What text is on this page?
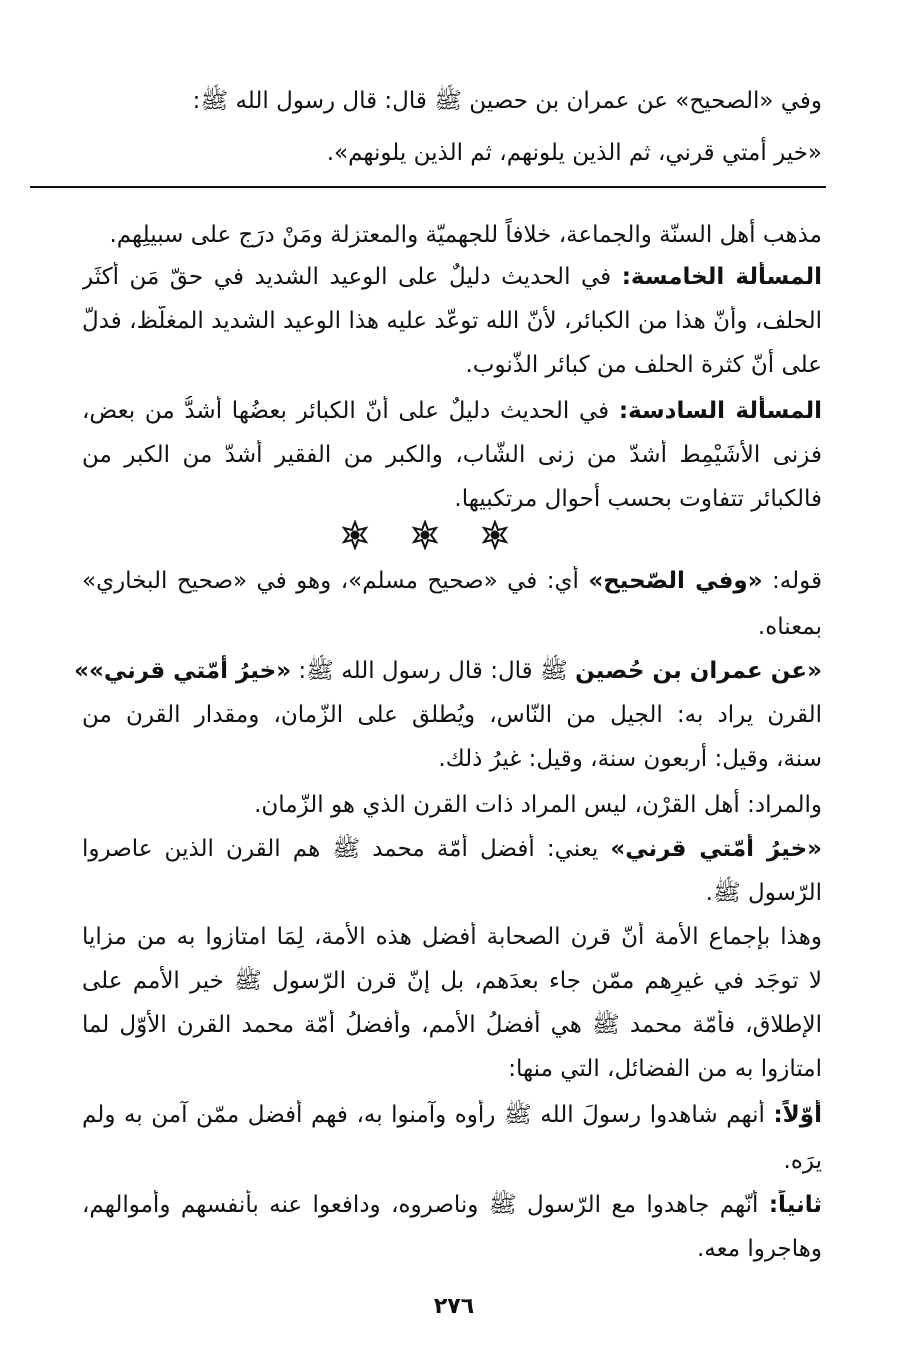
وفي «الصحيح» عن عمران بن حصين ﷺ قال: قال رسول الله ﷺ:
«خير أمتي قرني، ثم الذين يلونهم، ثم الذين يلونهم».
مذهب أهل السنّة والجماعة، خلافاً للجهميّة والمعتزلة ومَنْ درَج على سبيلِهم.
المسألة الخامسة: في الحديث دليلٌ على الوعيد الشديد في حقّ مَن أكثَر
الحلف، وأنّ هذا من الكبائر، لأنّ الله توعّد عليه هذا الوعيد الشديد المغلّظ، فدلّ
على أنّ كثرة الحلف من كبائر الذّنوب.
المسألة السادسة: في الحديث دليلٌ على أنّ الكبائر بعضُها أشدُّ من بعض،
فزنى الأُشَيْمِط أشدّ من زنى الشّاب، والكبر من الفقير أشدّ من الكبر من
فالكبائر تتفاوت بحسب أحوال مرتكبيها.
قوله: «وفي الصّحيح» أي: في «صحيح مسلم»، وهو في «صحيح البخاري»
بمعناه.
«عن عمران بن حُصين ﷺ قال: قال رسول الله ﷺ: «خيرُ أمّتي قرني»»
القرن يراد به: الجيل من النّاس، ويُطلق على الزّمان، ومقدار القرن من
سنة، وقيل: أربعون سنة، وقيل: غيرُ ذلك.
والمراد: أهل القرْن، ليس المراد ذات القرن الذي هو الزّمان.
«خيرُ أمّتي قرني» يعني: أفضل أمّة محمد ﷺ هم القرن الذين عاصروا
الرّسول ﷺ.
وهذا بإجماع الأمة أنّ قرن الصحابة أفضل هذه الأمة، لِمَا امتازوا به من مزايا
لا توجَد في غيرِهم ممّن جاء بعدَهم، بل إنّ قرن الرّسول ﷺ خير الأمم على
الإطلاق، فأمّة محمد ﷺ هي أفضلُ الأمم، وأفضلُ أمّة محمد القرن الأوّل لما
امتازوا به من الفضائل، التي منها:
أوّلاً: أنهم شاهدوا رسولَ الله ﷺ رأوه وآمنوا به، فهم أفضل ممّن آمن به ولم
يرَه.
ثانياً: أنّهم جاهدوا مع الرّسول ﷺ وناصروه، ودافعوا عنه بأنفسهم وأموالهم،
وهاجروا معه.
٢٧٦
